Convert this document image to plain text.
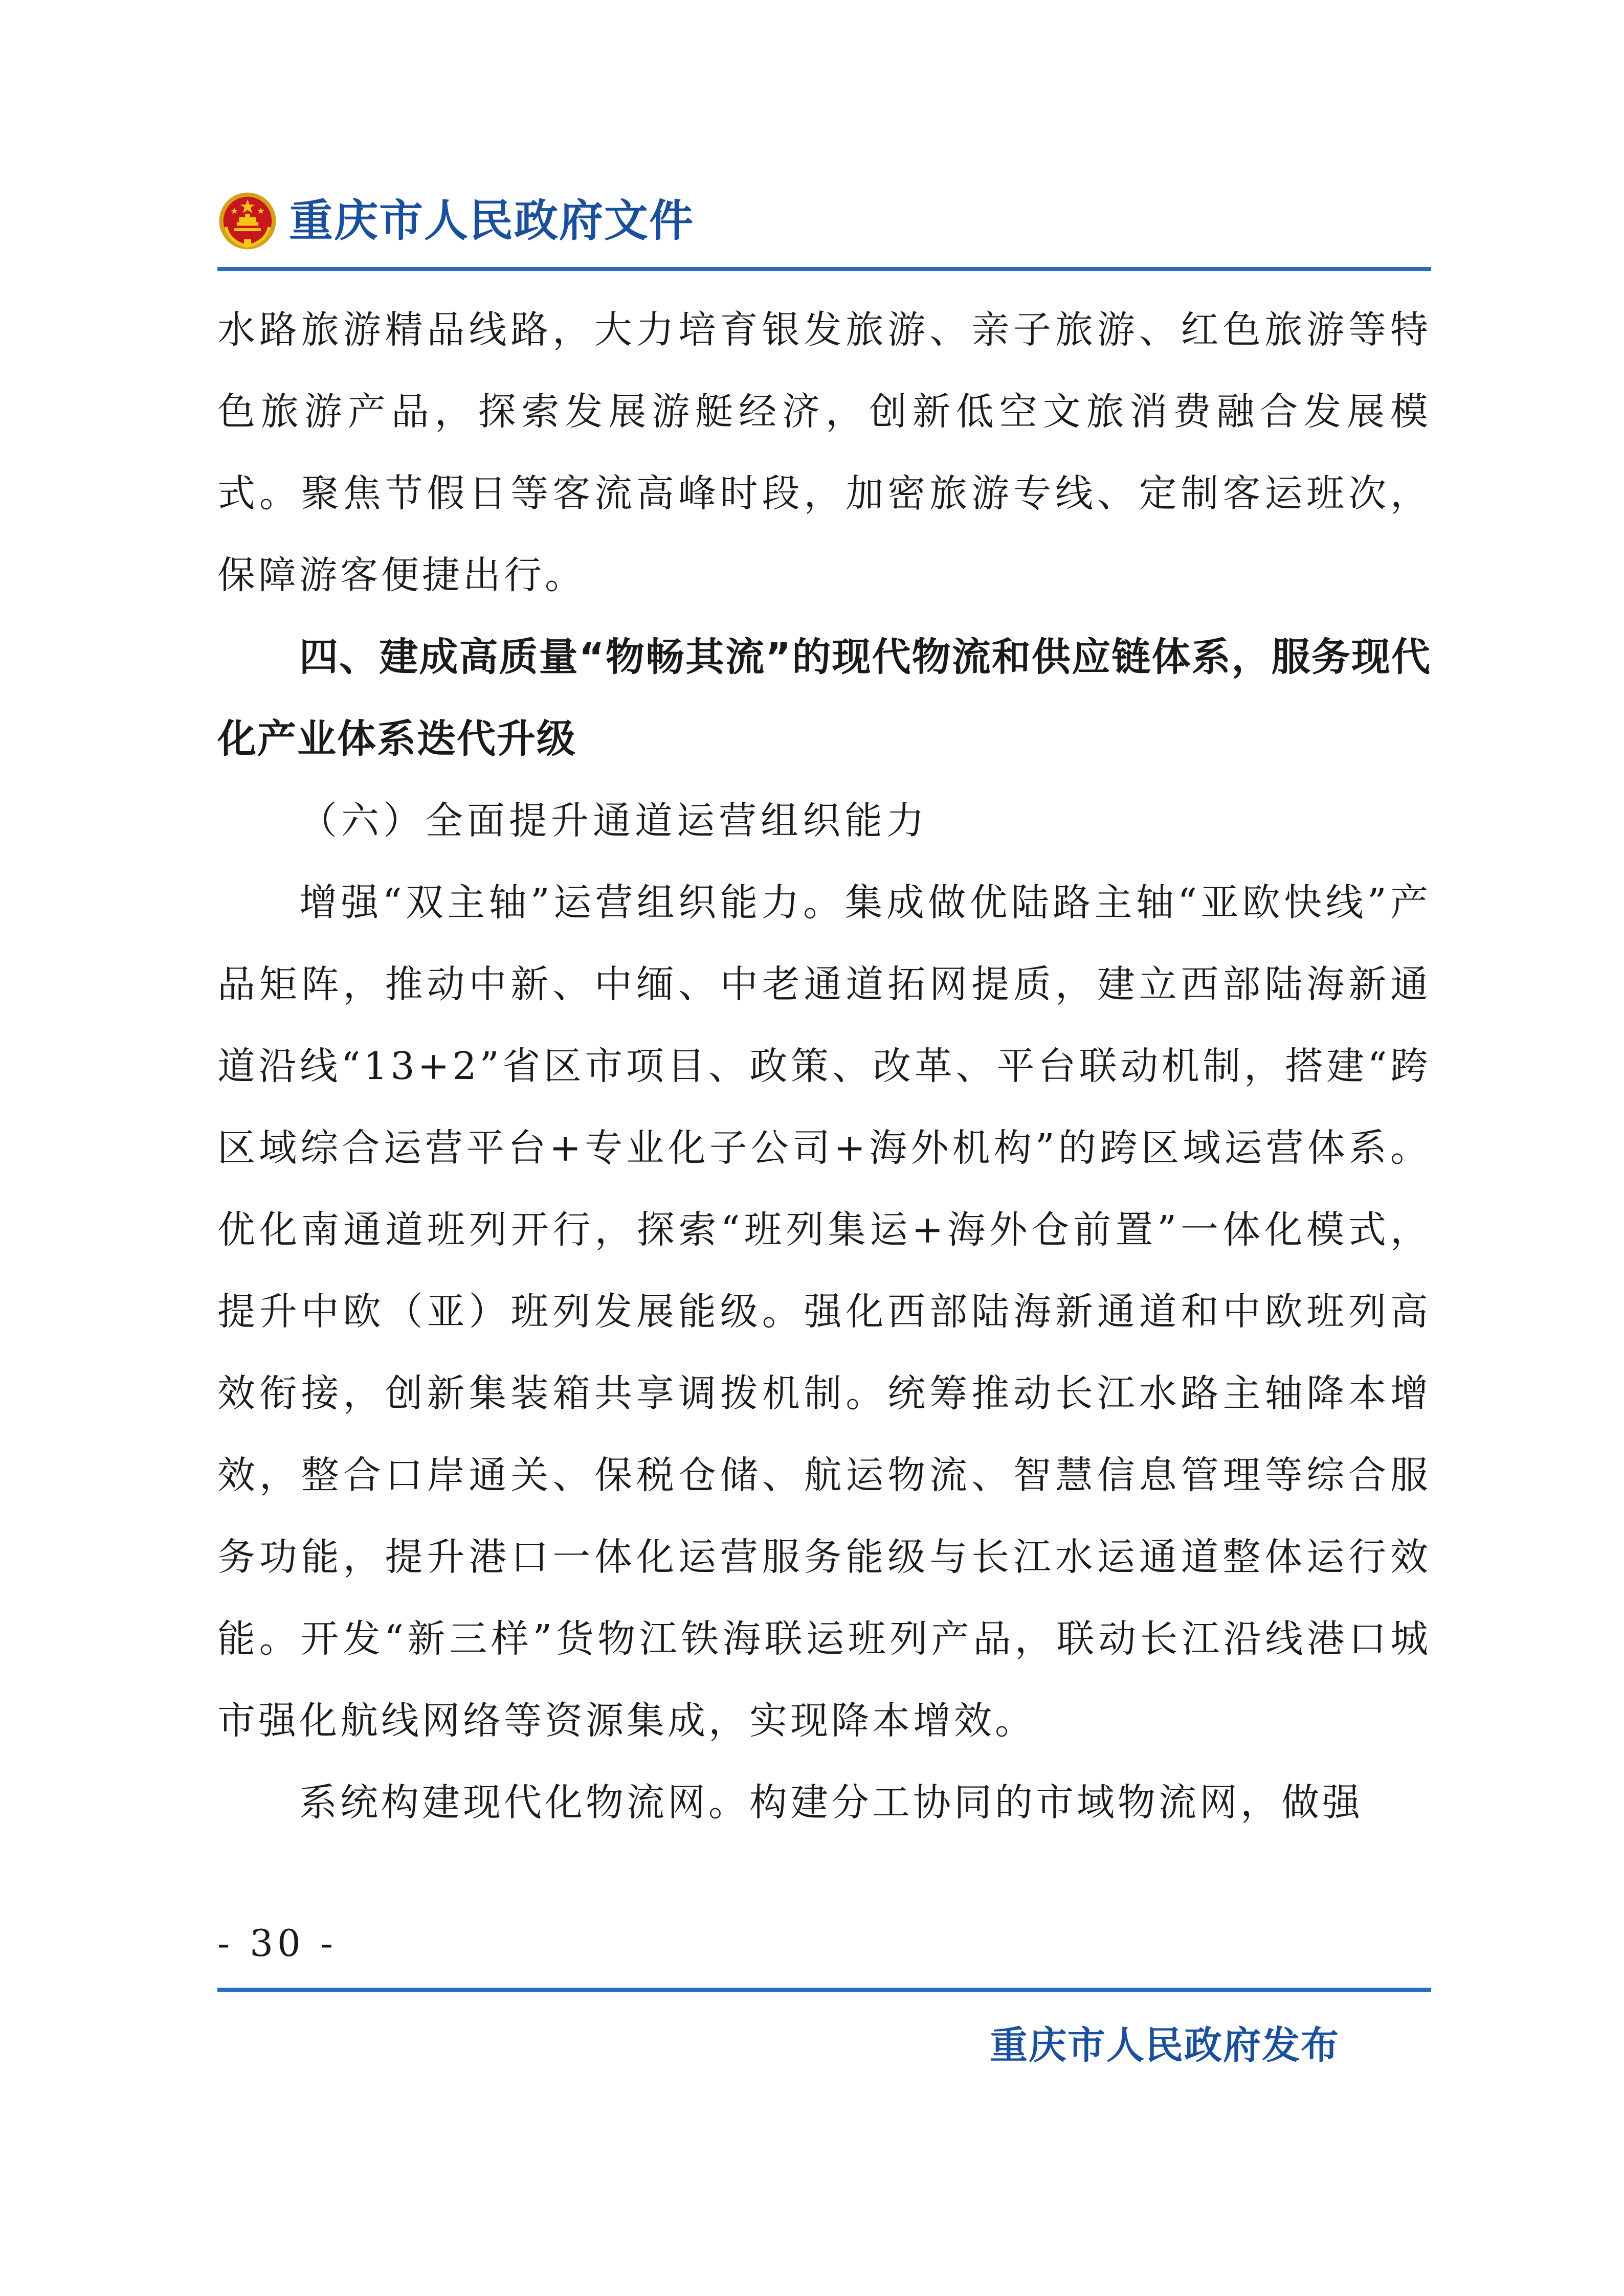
重庆市人民政府文件

水路旅游精品线路，大力培育银发旅游、亲子旅游、红色旅游等特色旅游产品，探索发展游艇经济，创新低空文旅消费融合发展模式。聚焦节假日等客流高峰时段，加密旅游专线、定制客运班次，保障游客便捷出行。

四、建成高质量“物畅其流”的现代物流和供应链体系，服务现代化产业体系迭代升级

（六）全面提升通道运营组织能力

增强“双主轴”运营组织能力。集成做优陆路主轴“亚欧快线”产品矩阵，推动中新、中缅、中老通道拓网提质，建立西部陆海新通道沿线“13+2”省区市项目、政策、改革、平台联动机制，搭建“跨区域综合运营平台+专业化子公司+海外机构”的跨区域运营体系。优化南通道班列开行，探索“班列集运+海外仓前置”一体化模式，提升中欧（亚）班列发展能级。强化西部陆海新通道和中欧班列高效衔接，创新集装箱共享调拨机制。统筹推动长江水路主轴降本增效，整合口岸通关、保税仓储、航运物流、智慧信息管理等综合服务功能，提升港口一体化运营服务能级与长江水运通道整体运行效能。开发“新三样”货物江铁海联运班列产品，联动长江沿线港口城市强化航线网络等资源集成，实现降本增效。

系统构建现代化物流网。构建分工协同的市域物流网，做强

- 30 -
重庆市人民政府发布
